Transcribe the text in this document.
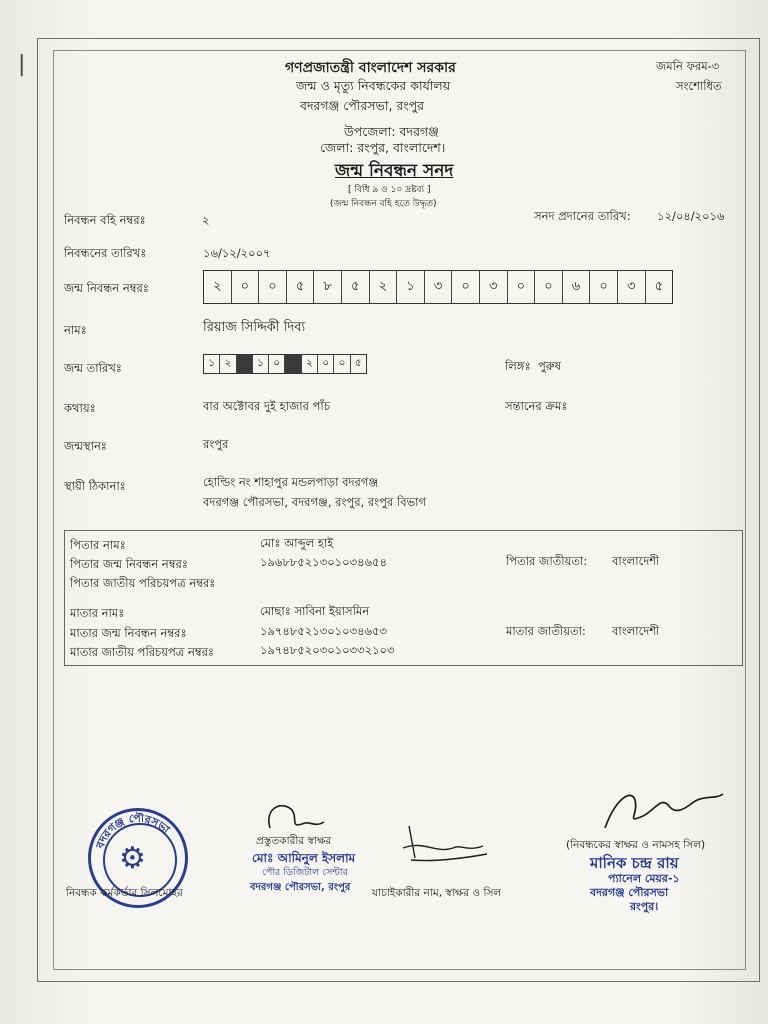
|	গণপ্রজাতন্ত্রী বাংলাদেশ সরকার
জন্ম ও মৃত্যু নিবন্ধকের কার্যালয়
বদরগঞ্জ পৌরসভা, রংপুর
উপজেলা: বদরগঞ্জ
জেলা: রংপুর, বাংলাদেশ।
জমনি ফরম-৩
সংশোধিত
জন্ম নিবন্ধন সনদ
[ বিধি ৯ ও ১০ দ্রষ্টব্য ]
(জন্ম নিবন্ধন বহি হতে উদ্ধৃত)
নিবন্ধন বহি নম্বরঃ	২	সনদ প্রদানের তারিখ: ১২/০৪/২০১৬
নিবন্ধনের তারিখঃ	১৬/১২/২০০৭
জন্ম নিবন্ধন নম্বরঃ	২	০	০	৫	৮	৫	২	১	৩	০	৩	০	০	৬	০	৩	৫
নামঃ	রিয়াজ সিদ্দিকী দিব্য
জন্ম তারিখঃ	১ ২	১ ০	২ ০ ০ ৫	লিঙ্গঃ পুরুষ
কথায়ঃ	বার অক্টোবর দুই হাজার পাঁচ	সন্তানের ক্রমঃ
জন্মস্থানঃ	রংপুর
স্থায়ী ঠিকানাঃ	হোল্ডিং নং শাহাপুর মন্ডলপাড়া বদরগঞ্জ
বদরগঞ্জ পৌরসভা, বদরগঞ্জ, রংপুর, রংপুর বিভাগ
পিতার নামঃ	মোঃ আব্দুল হাই
পিতার জন্ম নিবন্ধন নম্বরঃ	১৯৬৮৮৫২১৩০১০৩৪৬৫৪	পিতার জাতীয়তা: বাংলাদেশী
পিতার জাতীয় পরিচয়পত্র নম্বরঃ
মাতার নামঃ	মোছাঃ সাবিনা ইয়াসমিন
মাতার জন্ম নিবন্ধন নম্বরঃ	১৯৭৪৮৫২১৩০১০৩৪৬৫৩	মাতার জাতীয়তা: বাংলাদেশী
মাতার জাতীয় পরিচয়পত্র নম্বরঃ	১৯৭৪৮৫২০৩০১০৩৩২১০৩
⚙
বদরগঞ্জ পৌরসভা
নিবন্ধক কর্মকর্তার সিলমোহর
প্রস্তুতকারীর স্বাক্ষর
মোঃ আমিনুল ইসলাম
পৌর ডিজিটাল সেন্টার
বদরগঞ্জ পৌরসভা, রংপুর যাচাইকারীর নাম, স্বাক্ষর ও সিল
(নিবন্ধকের স্বাক্ষর ও নামসহ সিল)
মানিক চন্দ্র রায়
প্যানেল মেয়র-১
বদরগঞ্জ পৌরসভা
রংপুর।
